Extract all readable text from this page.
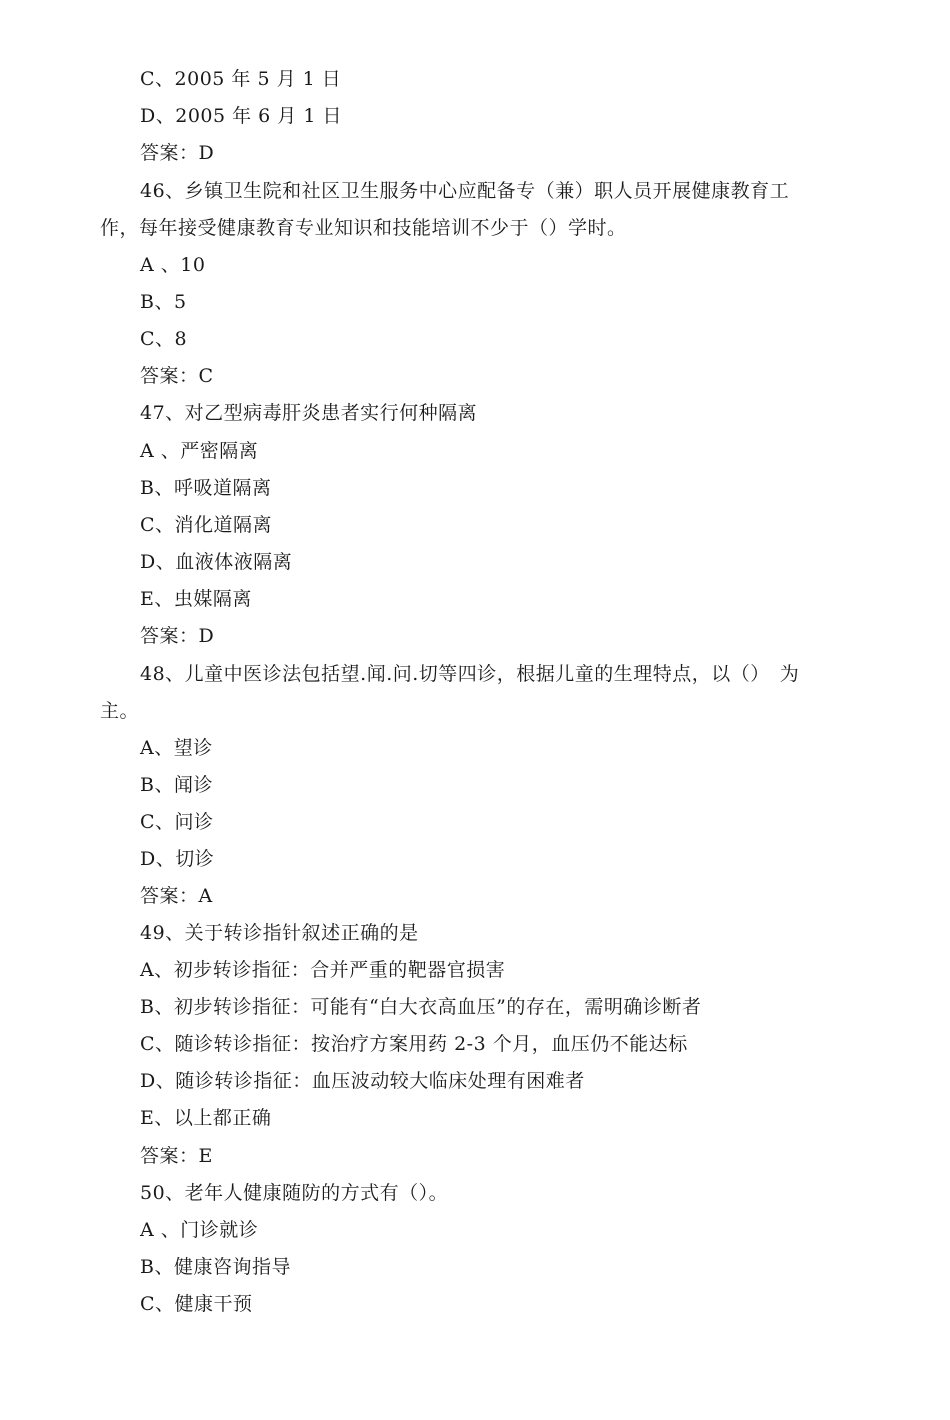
C、2005 年 5 月 1 日
D、2005 年 6 月 1 日
答案：D
46、乡镇卫生院和社区卫生服务中心应配备专（兼）职人员开展健康教育工
作，每年接受健康教育专业知识和技能培训不少于（）学时。
A 、10
B、5
C、8
答案：C
47、对乙型病毒肝炎患者实行何种隔离
A 、严密隔离
B、呼吸道隔离
C、消化道隔离
D、血液体液隔离
E、虫媒隔离
答案：D
48、儿童中医诊法包括望.闻.问.切等四诊，根据儿童的生理特点，以（）　为
主。
A、望诊
B、闻诊
C、问诊
D、切诊
答案：A
49、关于转诊指针叙述正确的是
A、初步转诊指征：合并严重的靶器官损害
B、初步转诊指征：可能有“白大衣高血压”的存在，需明确诊断者
C、随诊转诊指征：按治疗方案用药 2-3 个月，血压仍不能达标
D、随诊转诊指征：血压波动较大临床处理有困难者
E、以上都正确
答案：E
50、老年人健康随防的方式有（）。
A 、门诊就诊
B、健康咨询指导
C、健康干预
